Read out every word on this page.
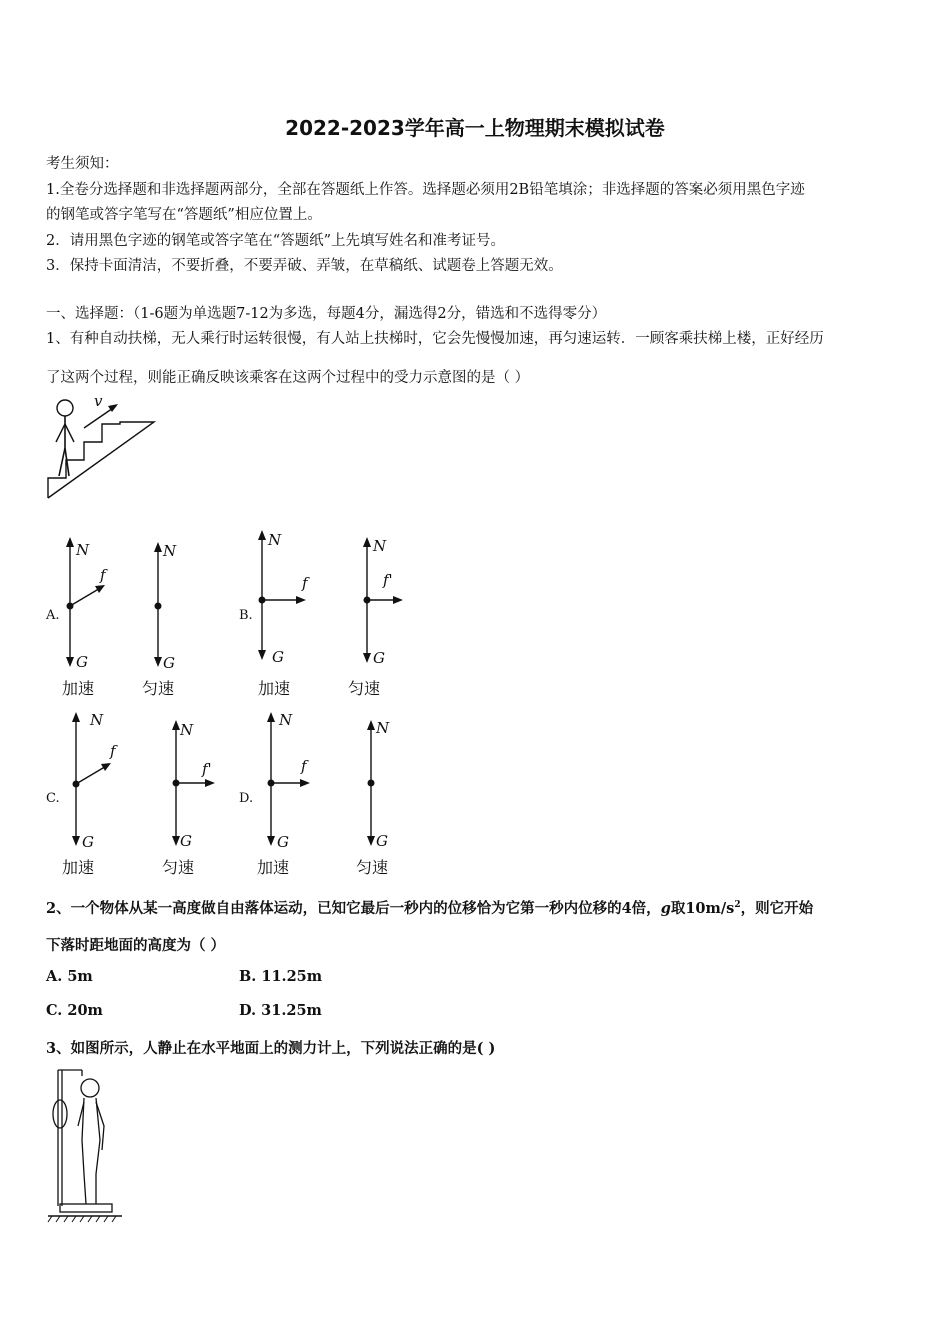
2022-2023学年高一上物理期末模拟试卷
考生须知：
1.全卷分选择题和非选择题两部分，全部在答题纸上作答。选择题必须用2B铅笔填涂；非选择题的答案必须用黑色字迹
的钢笔或答字笔写在“答题纸”相应位置上。
2．请用黑色字迹的钢笔或答字笔在“答题纸”上先填写姓名和准考证号。
3．保持卡面清洁，不要折叠，不要弄破、弄皱，在草稿纸、试题卷上答题无效。
一、选择题：（1-6题为单选题7-12为多选，每题4分，漏选得2分，错选和不选得零分）
1、有种自动扶梯，无人乘行时运转很慢，有人站上扶梯时，它会先慢慢加速，再匀速运转．一顾客乘扶梯上楼，正好经历
了这两个过程，则能正确反映该乘客在这两个过程中的受力示意图的是（ ）
v
A.	B.
C.	D.
N
f
G
N
G
N
f
G
N
f'
G
加速	匀速	加速	匀速
N
f
G
N
f'
G
N
f
G
N
G
加速	匀速	加速	匀速
2、一个物体从某一高度做自由落体运动，已知它最后一秒内的位移恰为它第一秒内位移的4倍，g取$10m/s^2$，则它开始
下落时距地面的高度为（ ）
A. 5m	B. 11.25m
C. 20m	D. 31.25m
3、如图所示，人静止在水平地面上的测力计上，下列说法正确的是( )
